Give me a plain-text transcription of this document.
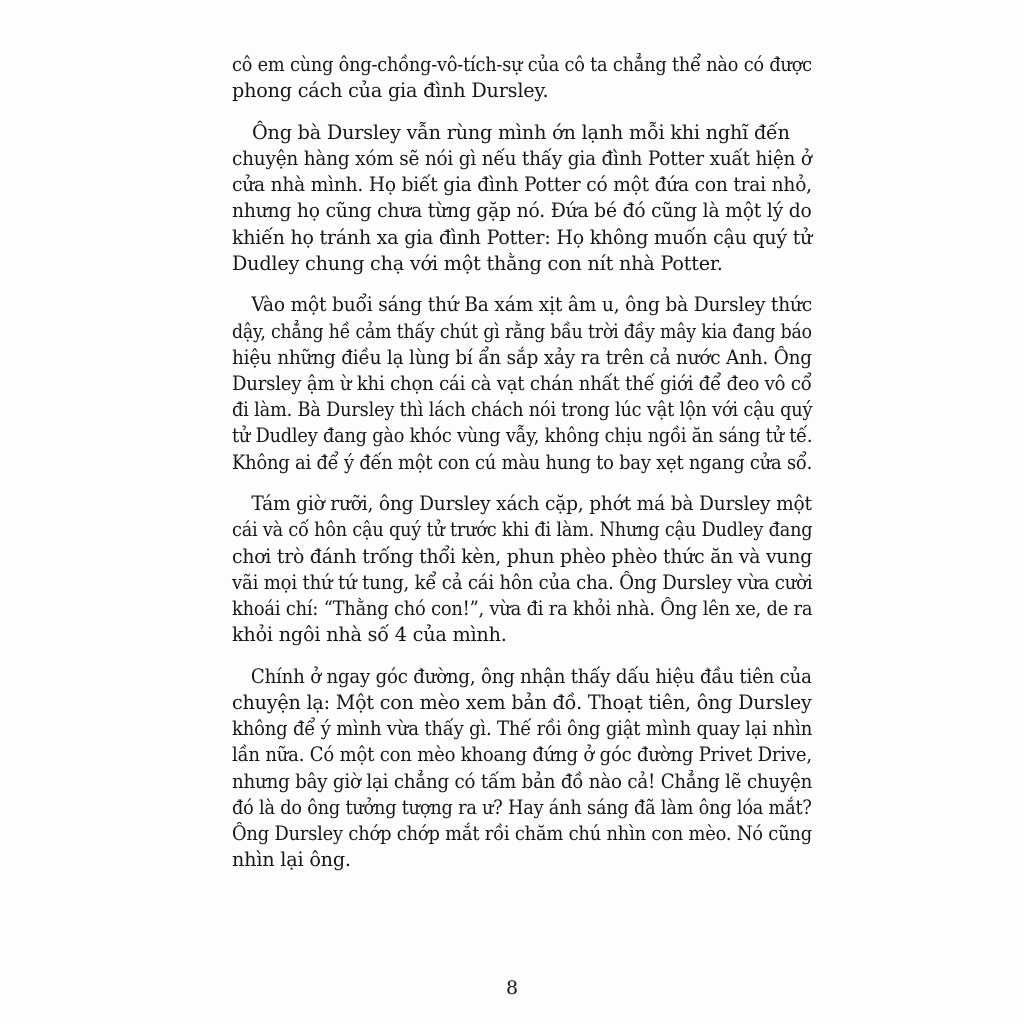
cô em cùng ông-chồng-vô-tích-sự của cô ta chẳng thể nào có được
phong cách của gia đình Dursley.
Ông bà Dursley vẫn rùng mình ớn lạnh mỗi khi nghĩ đến
chuyện hàng xóm sẽ nói gì nếu thấy gia đình Potter xuất hiện ở
cửa nhà mình. Họ biết gia đình Potter có một đứa con trai nhỏ,
nhưng họ cũng chưa từng gặp nó. Đứa bé đó cũng là một lý do
khiến họ tránh xa gia đình Potter: Họ không muốn cậu quý tử
Dudley chung chạ với một thằng con nít nhà Potter.
Vào một buổi sáng thứ Ba xám xịt âm u, ông bà Dursley thức
dậy, chẳng hề cảm thấy chút gì rằng bầu trời đầy mây kia đang báo
hiệu những điều lạ lùng bí ẩn sắp xảy ra trên cả nước Anh. Ông
Dursley ậm ừ khi chọn cái cà vạt chán nhất thế giới để đeo vô cổ
đi làm. Bà Dursley thì lách chách nói trong lúc vật lộn với cậu quý
tử Dudley đang gào khóc vùng vẫy, không chịu ngồi ăn sáng tử tế.
Không ai để ý đến một con cú màu hung to bay xẹt ngang cửa sổ.
Tám giờ rưỡi, ông Dursley xách cặp, phớt má bà Dursley một
cái và cố hôn cậu quý tử trước khi đi làm. Nhưng cậu Dudley đang
chơi trò đánh trống thổi kèn, phun phèo phèo thức ăn và vung
vãi mọi thứ tứ tung, kể cả cái hôn của cha. Ông Dursley vừa cười
khoái chí: “Thằng chó con!”, vừa đi ra khỏi nhà. Ông lên xe, de ra
khỏi ngôi nhà số 4 của mình.
Chính ở ngay góc đường, ông nhận thấy dấu hiệu đầu tiên của
chuyện lạ: Một con mèo xem bản đồ. Thoạt tiên, ông Dursley
không để ý mình vừa thấy gì. Thế rồi ông giật mình quay lại nhìn
lần nữa. Có một con mèo khoang đứng ở góc đường Privet Drive,
nhưng bây giờ lại chẳng có tấm bản đồ nào cả! Chẳng lẽ chuyện
đó là do ông tưởng tượng ra ư? Hay ánh sáng đã làm ông lóa mắt?
Ông Dursley chớp chớp mắt rồi chăm chú nhìn con mèo. Nó cũng
nhìn lại ông.
8
